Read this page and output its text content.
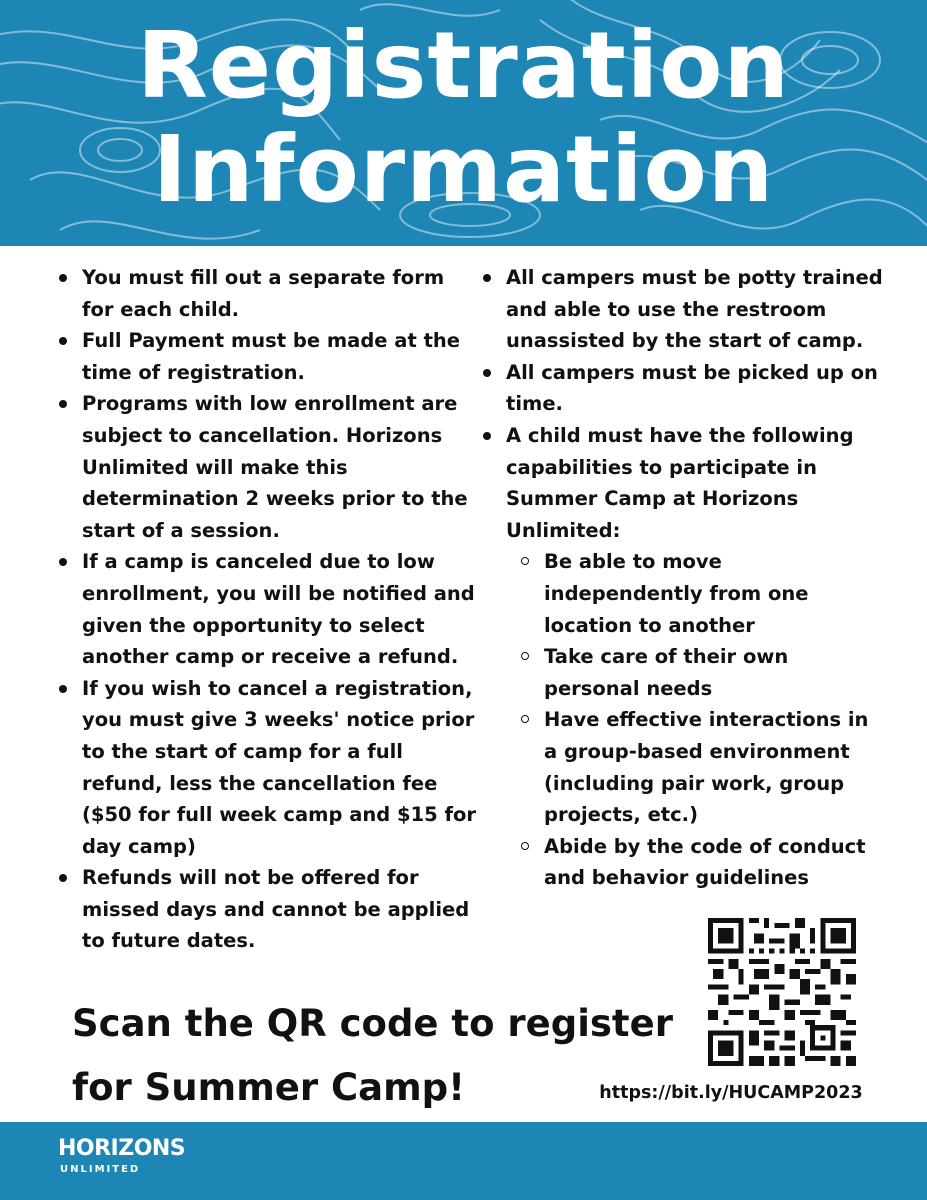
Registration
Information
You must fill out a separate form for each child.
Full Payment must be made at the time of registration.
Programs with low enrollment are subject to cancellation. Horizons Unlimited will make this determination 2 weeks prior to the start of a session.
If a camp is canceled due to low enrollment, you will be notified and given the opportunity to select another camp or receive a refund.
If you wish to cancel a registration, you must give 3 weeks' notice prior to the start of camp for a full refund, less the cancellation fee ($50 for full week camp and $15 for day camp)
Refunds will not be offered for missed days and cannot be applied to future dates.
All campers must be potty trained and able to use the restroom unassisted by the start of camp.
All campers must be picked up on time.
A child must have the following capabilities to participate in Summer Camp at Horizons Unlimited:
Be able to move independently from one location to another
Take care of their own personal needs
Have effective interactions in a group-based environment (including pair work, group projects, etc.)
Abide by the code of conduct and behavior guidelines
Scan the QR code to register
for Summer Camp!	https://bit.ly/HUCAMP2023
HORIZONS
UNLIMITED
